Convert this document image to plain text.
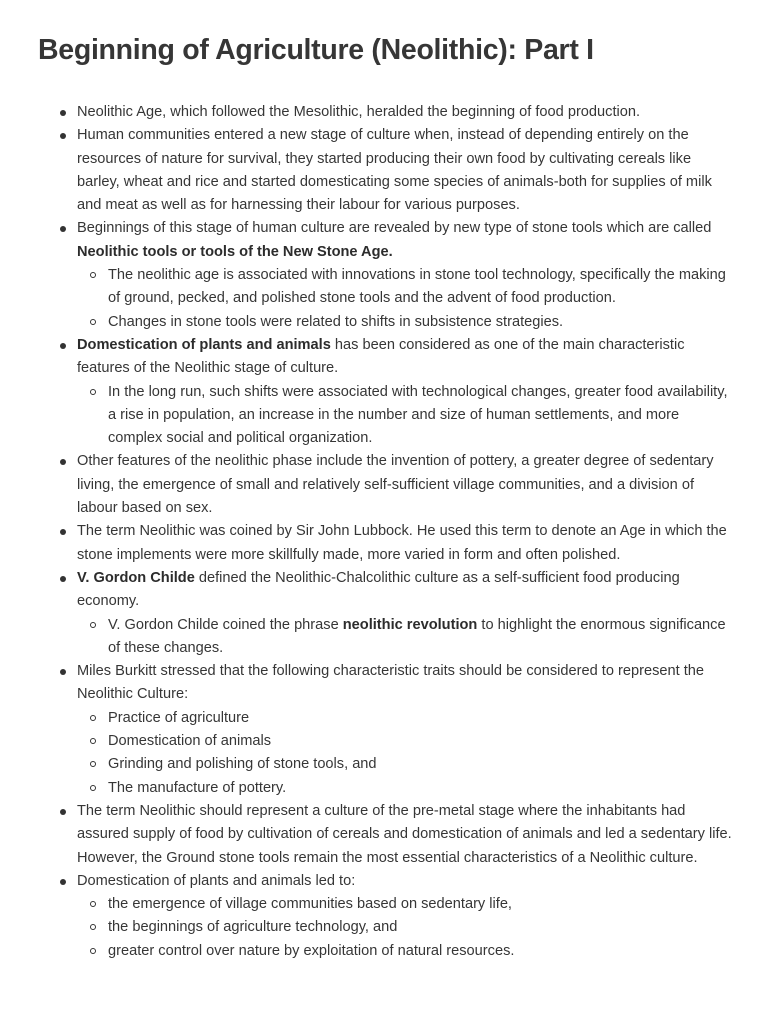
Beginning of Agriculture (Neolithic): Part I
Neolithic Age, which followed the Mesolithic, heralded the beginning of food production.
Human communities entered a new stage of culture when, instead of depending entirely on the resources of nature for survival, they started producing their own food by cultivating cereals like barley, wheat and rice and started domesticating some species of animals-both for supplies of milk and meat as well as for harnessing their labour for various purposes.
Beginnings of this stage of human culture are revealed by new type of stone tools which are called Neolithic tools or tools of the New Stone Age.
The neolithic age is associated with innovations in stone tool technology, specifically the making of ground, pecked, and polished stone tools and the advent of food production.
Changes in stone tools were related to shifts in subsistence strategies.
Domestication of plants and animals has been considered as one of the main characteristic features of the Neolithic stage of culture.
In the long run, such shifts were associated with technological changes, greater food availability, a rise in population, an increase in the number and size of human settlements, and more complex social and political organization.
Other features of the neolithic phase include the invention of pottery, a greater degree of sedentary living, the emergence of small and relatively self-sufficient village communities, and a division of labour based on sex.
The term Neolithic was coined by Sir John Lubbock. He used this term to denote an Age in which the stone implements were more skillfully made, more varied in form and often polished.
V. Gordon Childe defined the Neolithic-Chalcolithic culture as a self-sufficient food producing economy.
V. Gordon Childe coined the phrase neolithic revolution to highlight the enormous significance of these changes.
Miles Burkitt stressed that the following characteristic traits should be considered to represent the Neolithic Culture:
Practice of agriculture
Domestication of animals
Grinding and polishing of stone tools, and
The manufacture of pottery.
The term Neolithic should represent a culture of the pre-metal stage where the inhabitants had assured supply of food by cultivation of cereals and domestication of animals and led a sedentary life. However, the Ground stone tools remain the most essential characteristics of a Neolithic culture.
Domestication of plants and animals led to:
the emergence of village communities based on sedentary life,
the beginnings of agriculture technology, and
greater control over nature by exploitation of natural resources.
